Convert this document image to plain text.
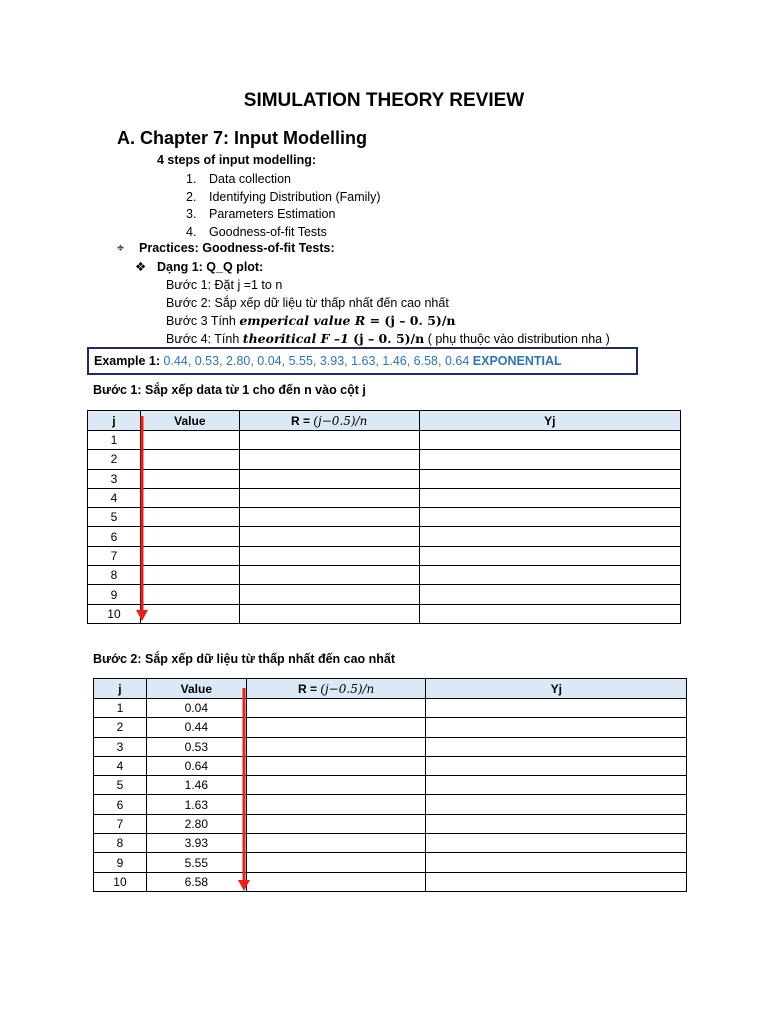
SIMULATION THEORY REVIEW
A. Chapter 7: Input Modelling
4 steps of input modelling:
1. Data collection
2. Identifying Distribution (Family)
3. Parameters Estimation
4. Goodness-of-fit Tests
⌖ Practices: Goodness-of-fit Tests:
❖ Dạng 1: Q_Q plot:
Bước 1: Đặt j =1 to n
Bước 2: Sắp xếp dữ liệu từ thấp nhất đến cao nhất
Bước 3 Tính emperical value R = (j – 0. 5)/n
Bước 4: Tính theoritical F –1 (j – 0. 5)/n ( phụ thuộc vào distribution nha )
Example 1: 0.44, 0.53, 2.80, 0.04, 5.55, 3.93, 1.63, 1.46, 6.58, 0.64 EXPONENTIAL
Bước 1: Sắp xếp data từ 1 cho đến n vào cột j
j	Value	R = (j−0.5)/n	Yj
1			
2			
3			
4			
5			
6			
7			
8			
9			
10			
Bước 2: Sắp xếp dữ liệu từ thấp nhất đến cao nhất
j	Value	R = (j−0.5)/n	Yj
1	0.04		
2	0.44		
3	0.53		
4	0.64		
5	1.46		
6	1.63		
7	2.80		
8	3.93		
9	5.55		
10	6.58		
